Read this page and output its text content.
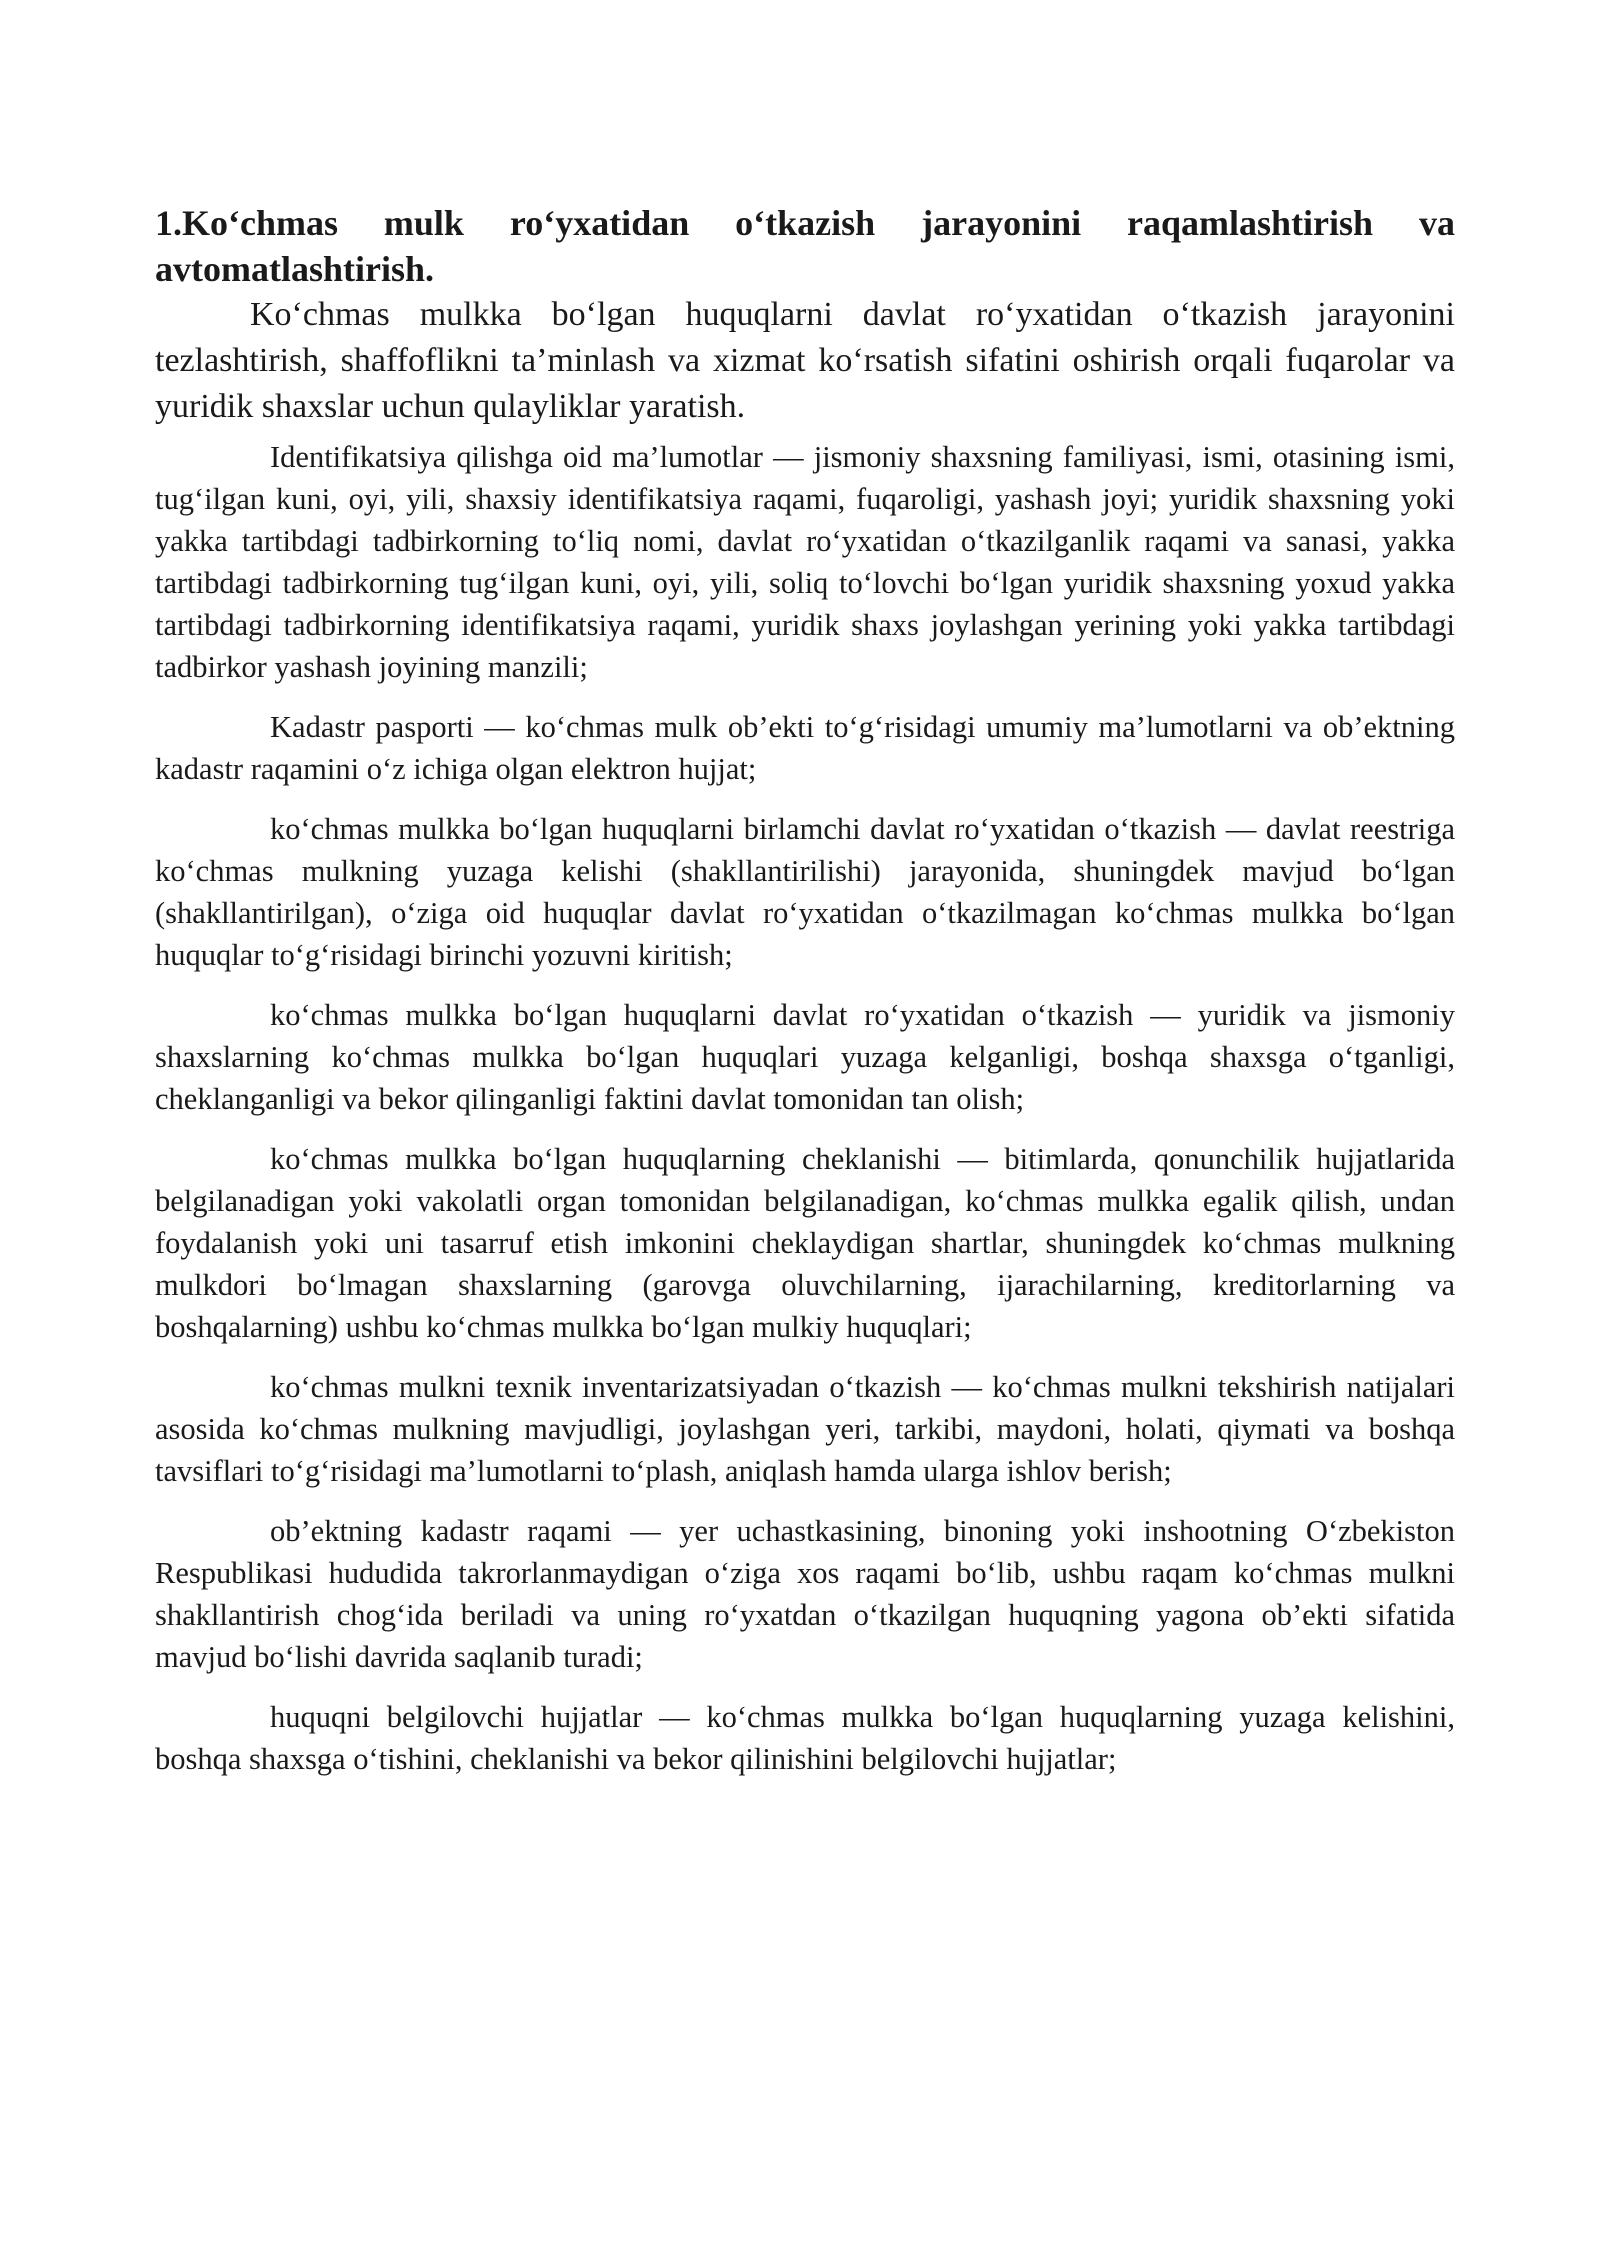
1.Ko‘chmas mulk ro‘yxatidan o‘tkazish jarayonini raqamlashtirish va avtomatlashtirish.

Ko‘chmas mulkka bo‘lgan huquqlarni davlat ro‘yxatidan o‘tkazish jarayonini tezlashtirish, shaffoflikni ta’minlash va xizmat ko‘rsatish sifatini oshirish orqali fuqarolar va yuridik shaxslar uchun qulayliklar yaratish.

Identifikatsiya qilishga oid ma’lumotlar — jismoniy shaxsning familiyasi, ismi, otasining ismi, tug‘ilgan kuni, oyi, yili, shaxsiy identifikatsiya raqami, fuqaroligi, yashash joyi; yuridik shaxsning yoki yakka tartibdagi tadbirkorning to‘liq nomi, davlat ro‘yxatidan o‘tkazilganlik raqami va sanasi, yakka tartibdagi tadbirkorning tug‘ilgan kuni, oyi, yili, soliq to‘lovchi bo‘lgan yuridik shaxsning yoxud yakka tartibdagi tadbirkorning identifikatsiya raqami, yuridik shaxs joylashgan yerining yoki yakka tartibdagi tadbirkor yashash joyining manzili;

Kadastr pasporti — ko‘chmas mulk ob’ekti to‘g‘risidagi umumiy ma’lumotlarni va ob’ektning kadastr raqamini o‘z ichiga olgan elektron hujjat;

ko‘chmas mulkka bo‘lgan huquqlarni birlamchi davlat ro‘yxatidan o‘tkazish — davlat reestriga ko‘chmas mulkning yuzaga kelishi (shakllantirilishi) jarayonida, shuningdek mavjud bo‘lgan (shakllantirilgan), o‘ziga oid huquqlar davlat ro‘yxatidan o‘tkazilmagan ko‘chmas mulkka bo‘lgan huquqlar to‘g‘risidagi birinchi yozuvni kiritish;

ko‘chmas mulkka bo‘lgan huquqlarni davlat ro‘yxatidan o‘tkazish — yuridik va jismoniy shaxslarning ko‘chmas mulkka bo‘lgan huquqlari yuzaga kelganligi, boshqa shaxsga o‘tganligi, cheklanganligi va bekor qilinganligi faktini davlat tomonidan tan olish;

ko‘chmas mulkka bo‘lgan huquqlarning cheklanishi — bitimlarda, qonunchilik hujjatlarida belgilanadigan yoki vakolatli organ tomonidan belgilanadigan, ko‘chmas mulkka egalik qilish, undan foydalanish yoki uni tasarruf etish imkonini cheklaydigan shartlar, shuningdek ko‘chmas mulkning mulkdori bo‘lmagan shaxslarning (garovga oluvchilarning, ijarachilarning, kreditorlarning va boshqalarning) ushbu ko‘chmas mulkka bo‘lgan mulkiy huquqlari;

ko‘chmas mulkni texnik inventarizatsiyadan o‘tkazish — ko‘chmas mulkni tekshirish natijalari asosida ko‘chmas mulkning mavjudligi, joylashgan yeri, tarkibi, maydoni, holati, qiymati va boshqa tavsiflari to‘g‘risidagi ma’lumotlarni to‘plash, aniqlash hamda ularga ishlov berish;

ob’ektning kadastr raqami — yer uchastkasining, binoning yoki inshootning O‘zbekiston Respublikasi hududida takrorlanmaydigan o‘ziga xos raqami bo‘lib, ushbu raqam ko‘chmas mulkni shakllantirish chog‘ida beriladi va uning ro‘yxatdan o‘tkazilgan huquqning yagona ob’ekti sifatida mavjud bo‘lishi davrida saqlanib turadi;

huquqni belgilovchi hujjatlar — ko‘chmas mulkka bo‘lgan huquqlarning yuzaga kelishini, boshqa shaxsga o‘tishini, cheklanishi va bekor qilinishini belgilovchi hujjatlar;
